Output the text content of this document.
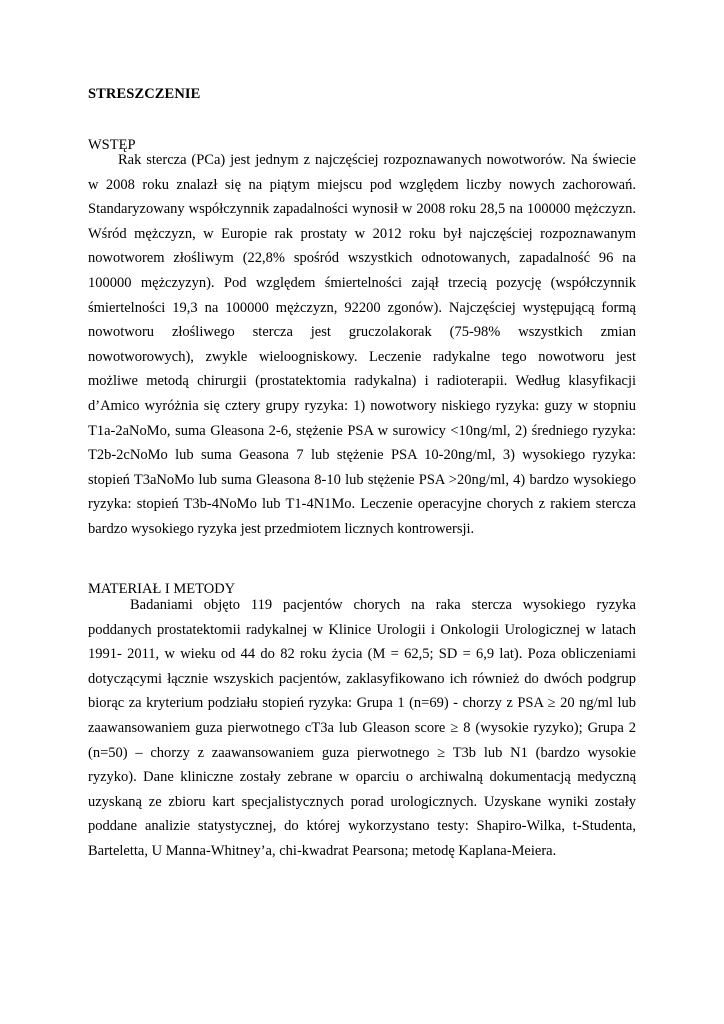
STRESZCZENIE
WSTĘP
Rak stercza (PCa) jest jednym z najczęściej rozpoznawanych nowotworów. Na świecie
w 2008 roku znalazł się na piątym miejscu pod względem liczby nowych zachorowań.
Standaryzowany współczynnik zapadalności wynosił w 2008 roku 28,5 na 100000 mężczyzn.
Wśród mężczyzn, w Europie rak prostaty w 2012 roku był najczęściej rozpoznawanym
nowotworem złośliwym (22,8% spośród wszystkich odnotowanych, zapadalność 96 na
100000 mężczyzyn). Pod względem śmiertelności zajął trzecią pozycję (współczynnik
śmiertelności 19,3 na 100000 mężczyzn, 92200 zgonów). Najczęściej występującą formą
nowotworu złośliwego stercza jest gruczolakorak (75-98% wszystkich zmian
nowotworowych), zwykle wieloogniskowy. Leczenie radykalne tego nowotworu jest
możliwe metodą chirurgii (prostatektomia radykalna) i radioterapii. Według klasyfikacji
d’Amico wyróżnia się cztery grupy ryzyka: 1) nowotwory niskiego ryzyka: guzy w stopniu
T1a-2aNoMo, suma Gleasona 2-6, stężenie PSA w surowicy <10ng/ml, 2) średniego ryzyka:
T2b-2cNoMo lub suma Geasona 7 lub stężenie PSA 10-20ng/ml, 3) wysokiego ryzyka:
stopień T3aNoMo lub suma Gleasona 8-10 lub stężenie PSA >20ng/ml, 4) bardzo wysokiego
ryzyka: stopień T3b-4NoMo lub T1-4N1Mo. Leczenie operacyjne chorych z rakiem stercza
bardzo wysokiego ryzyka jest przedmiotem licznych kontrowersji.
MATERIAŁ I METODY
Badaniami objęto 119 pacjentów chorych na raka stercza wysokiego ryzyka
poddanych prostatektomii radykalnej w Klinice Urologii i Onkologii Urologicznej w latach
1991- 2011, w wieku od 44 do 82 roku życia (M = 62,5; SD = 6,9 lat). Poza obliczeniami
dotyczącymi łącznie wszyskich pacjentów, zaklasyfikowano ich również do dwóch podgrup
biorąc za kryterium podziału stopień ryzyka: Grupa 1 (n=69) - chorzy z PSA ≥ 20 ng/ml lub
zaawansowaniem guza pierwotnego cT3a lub Gleason score ≥ 8 (wysokie ryzyko); Grupa 2
(n=50) – chorzy z zaawansowaniem guza pierwotnego ≥ T3b lub N1 (bardzo wysokie
ryzyko). Dane kliniczne zostały zebrane w oparciu o archiwalną dokumentacją medyczną
uzyskaną ze zbioru kart specjalistycznych porad urologicznych. Uzyskane wyniki zostały
poddane analizie statystycznej, do której wykorzystano testy: Shapiro-Wilka, t-Studenta,
Barteletta, U Manna-Whitney’a, chi-kwadrat Pearsona; metodę Kaplana-Meiera.
